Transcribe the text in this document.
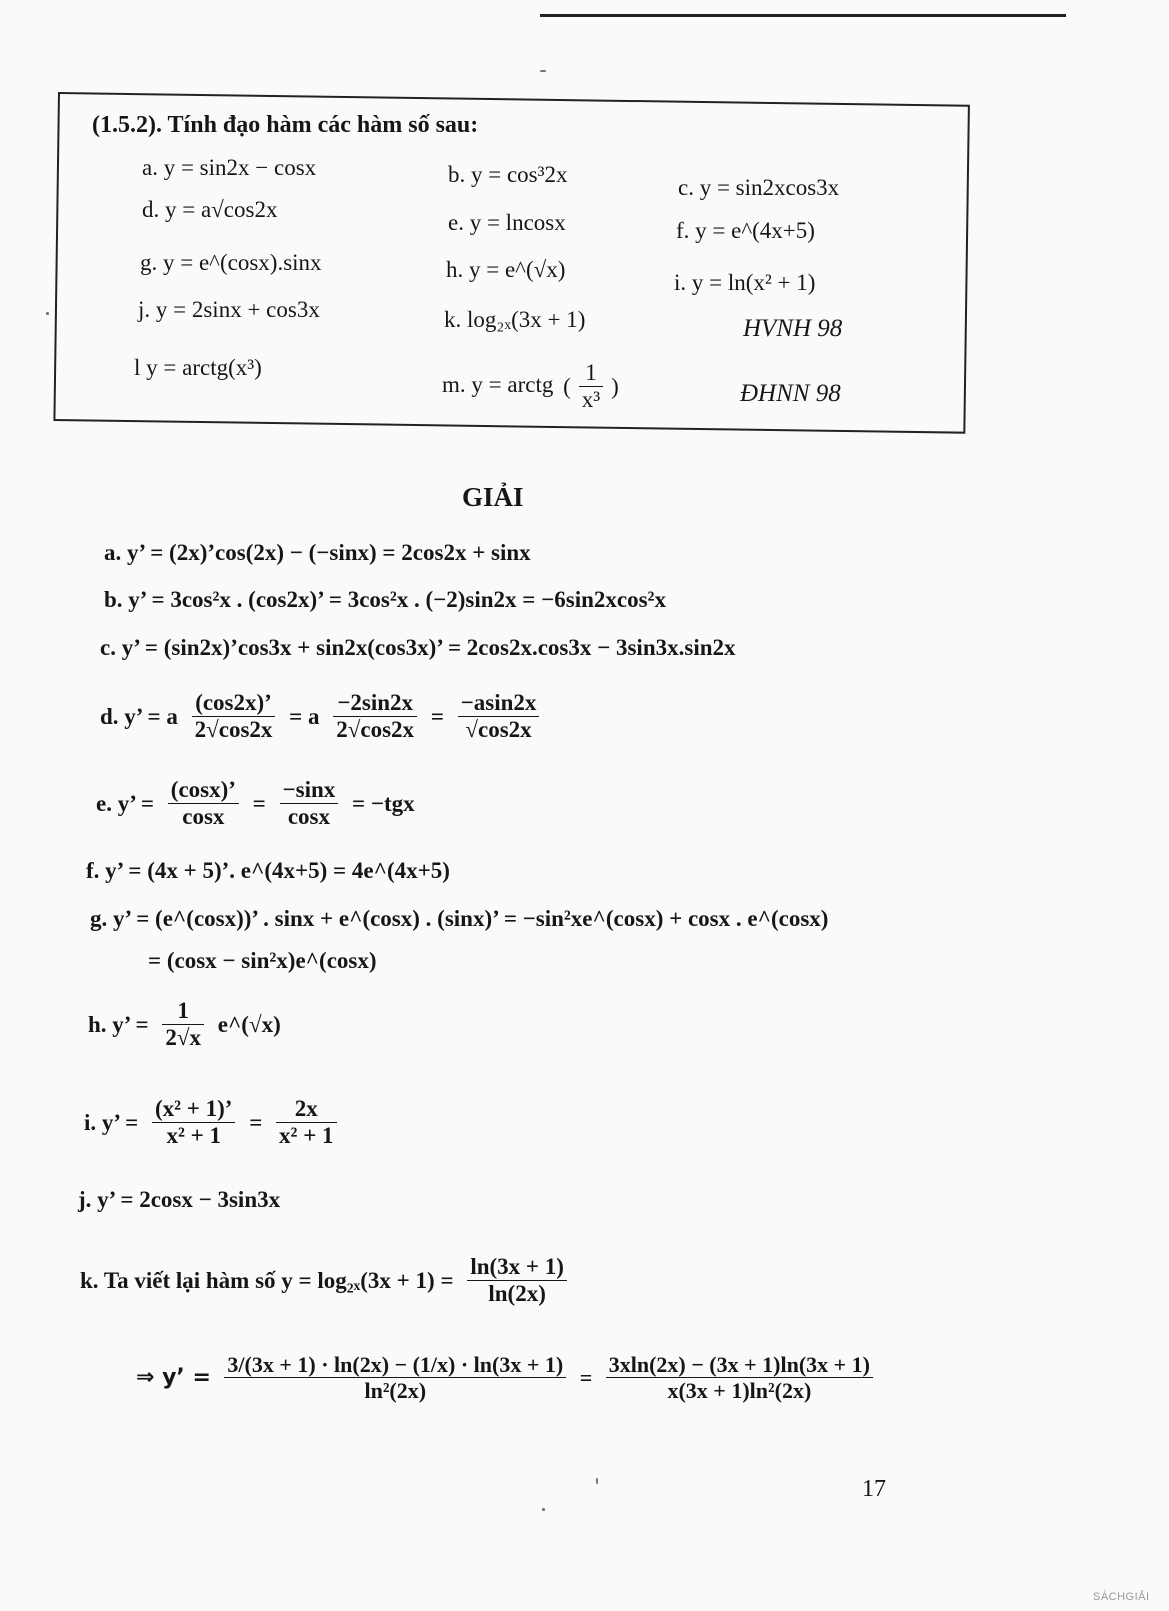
(1.5.2). Tính đạo hàm các hàm số sau:
a. y = sin2x − cosx	b. y = cos³2x
c. y = sin2xcos3x
d. y = a√cos2x
e. y = lncosx	f. y = e^(4x+5)
g. y = e^(cosx).sinx	h. y = e^(√x)
i. y = ln(x² + 1)
j. y = 2sinx + cos3x	k. log₂ₓ(3x + 1)	HVNH 98
l y = arctg(x³)
m. y = arctg ( $\frac{1}{\text{x³}}$ )	ĐHNN 98
GIẢI
a. y’ = (2x)’cos(2x) − (−sinx) = 2cos2x + sinx
b. y’ = 3cos²x . (cos2x)’ = 3cos²x . (−2)sin2x = −6sin2xcos²x
c. y’ = (sin2x)’cos3x + sin2x(cos3x)’ = 2cos2x.cos3x − 3sin3x.sin2x
d. y’ = a $\frac{(\cos 2x)’}{2√\cos 2x} = a \frac{-2\sin 2x}{2√\cos 2x} = \frac{-asin2x}{√\cos 2x}$
e. y’ = $\frac{(\cos x)’}{\cos x} = \frac{-\sin x}{\cos x} = -tgx$
f. y’ = (4x + 5)’. e^(4x+5) = 4e^(4x+5)
g. y’ = (e^(cosx))’ . sinx + e^(cosx) . (sinx)’ = −sin²xe^(cosx) + cosx . e^(cosx)
= (cosx − sin²x)e^(cosx)
h. y’ = $\frac{1}{2√x}$ e^(√x)
i. y’ = $\frac{\text{(x² + 1)’}}{\text{x² + 1}} = \frac{2x}{\text{x² + 1}}$
j. y’ = 2cosx − 3sin3x
k. Ta viết lại hàm số $y = \log_{2x}(3x + 1) = \frac{\ln(3x + 1)}{\ln(2x)}$
⇒ y’ = $\frac{3/(3x + 1) \cdot \ln(2x) - (1/x) \cdot \ln(3x + 1)}{\text{ln²(2x)}} = \frac{3xln(2x) - (3x + 1)\ln(3x + 1)}{\text{x(3x + 1)ln²(2x)}}$
17
SÁCHGIẢI
